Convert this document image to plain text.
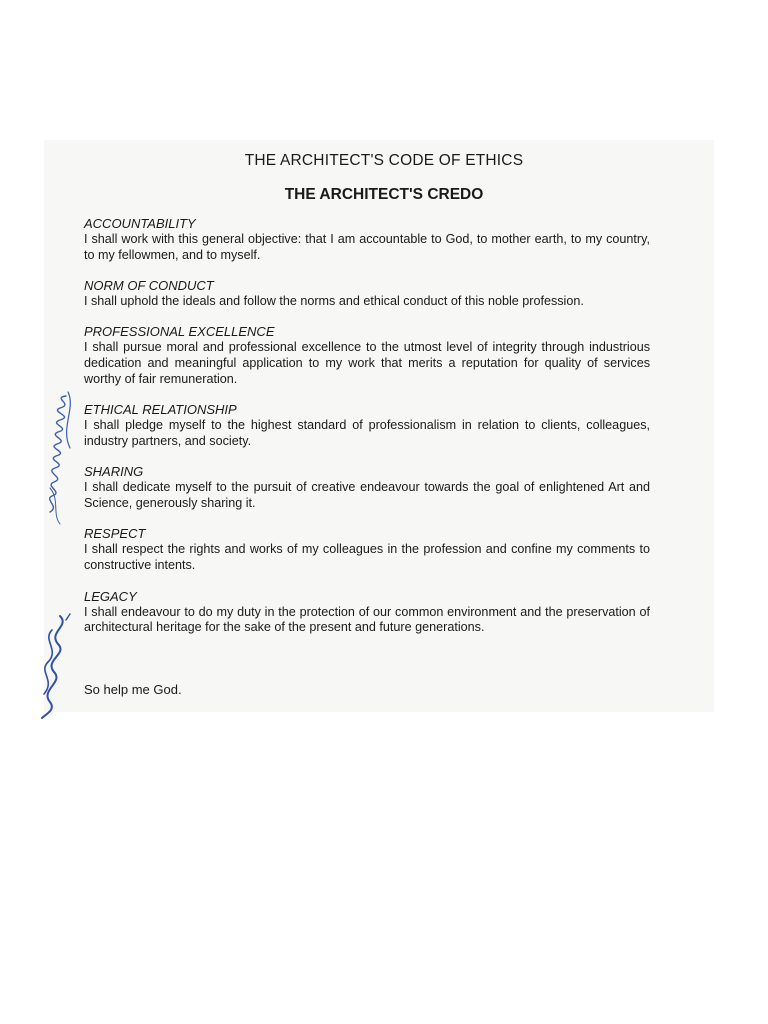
THE ARCHITECT'S CODE OF ETHICS
THE ARCHITECT'S CREDO
ACCOUNTABILITY

I shall work with this general objective: that I am accountable to God, to mother earth, to my country, to my fellowmen, and to myself.

NORM OF CONDUCT

I shall uphold the ideals and follow the norms and ethical conduct of this noble profession.

PROFESSIONAL EXCELLENCE

I shall pursue moral and professional excellence to the utmost level of integrity through industrious dedication and meaningful application to my work that merits a reputation for quality of services worthy of fair remuneration.

ETHICAL RELATIONSHIP

I shall pledge myself to the highest standard of professionalism in relation to clients, colleagues, industry partners, and society.

SHARING

I shall dedicate myself to the pursuit of creative endeavour towards the goal of enlightened Art and Science, generously sharing it.

RESPECT

I shall respect the rights and works of my colleagues in the profession and confine my comments to constructive intents.

LEGACY

I shall endeavour to do my duty in the protection of our common environment and the preservation of architectural heritage for the sake of the present and future generations.

So help me God.
